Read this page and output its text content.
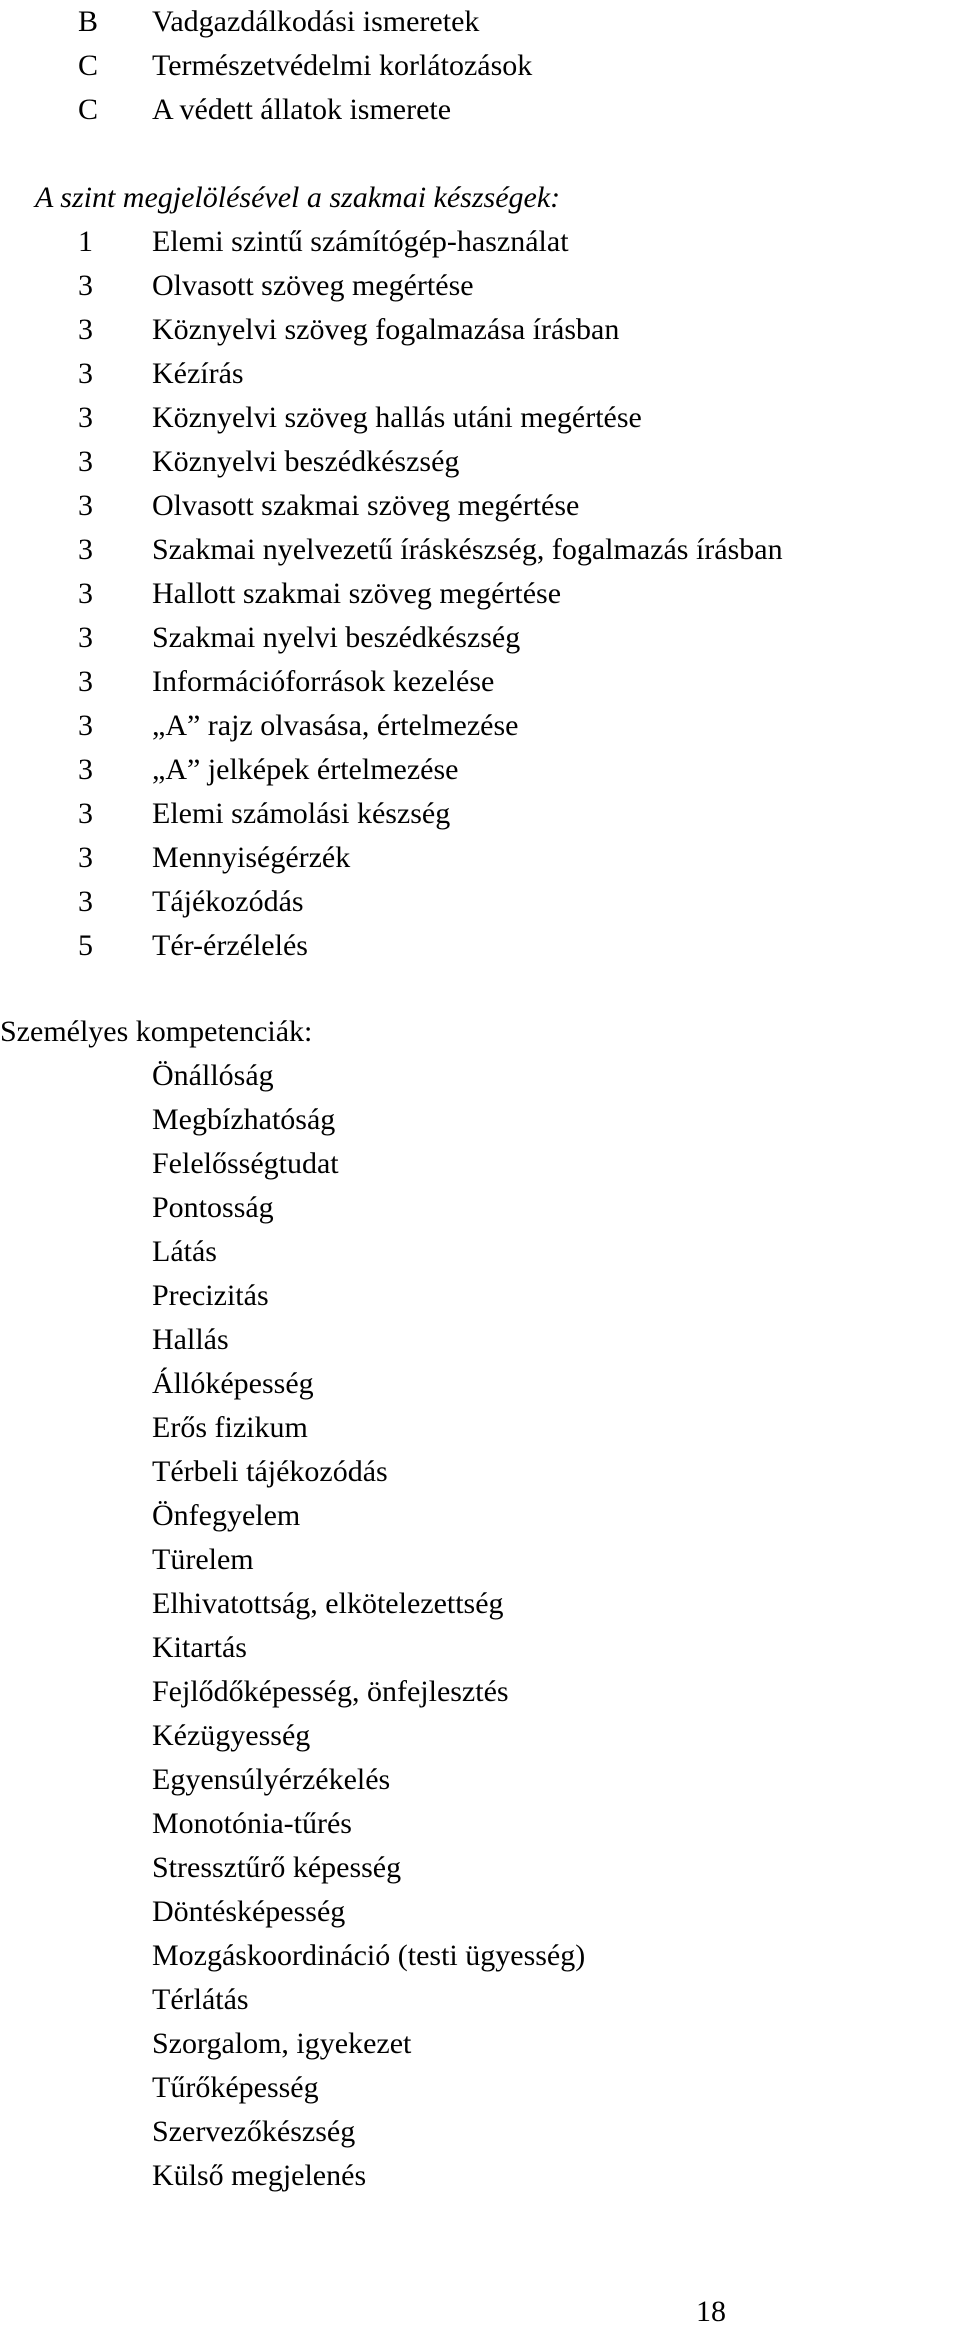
B Vadgazdálkodási ismeretek
C Természetvédelmi korlátozások
C A védett állatok ismerete
A szint megjelölésével a szakmai készségek:
1 Elemi szintű számítógép-használat
3 Olvasott szöveg megértése
3 Köznyelvi szöveg fogalmazása írásban
3 Kézírás
3 Köznyelvi szöveg hallás utáni megértése
3 Köznyelvi beszédkészség
3 Olvasott szakmai szöveg megértése
3 Szakmai nyelvezetű íráskészség, fogalmazás írásban
3 Hallott szakmai szöveg megértése
3 Szakmai nyelvi beszédkészség
3 Információforrások kezelése
3 „A” rajz olvasása, értelmezése
3 „A” jelképek értelmezése
3 Elemi számolási készség
3 Mennyiségérzék
3 Tájékozódás
5 Tér-érzélelés
Személyes kompetenciák:
Önállóság
Megbízhatóság
Felelősségtudat
Pontosság
Látás
Precizitás
Hallás
Állóképesség
Erős fizikum
Térbeli tájékozódás
Önfegyelem
Türelem
Elhivatottság, elkötelezettség
Kitartás
Fejlődőképesség, önfejlesztés
Kézügyesség
Egyensúlyérzékelés
Monotónia-tűrés
Stressztűrő képesség
Döntésképesség
Mozgáskoordináció (testi ügyesség)
Térlátás
Szorgalom, igyekezet
Tűrőképesség
Szervezőkészség
Külső megjelenés
18
